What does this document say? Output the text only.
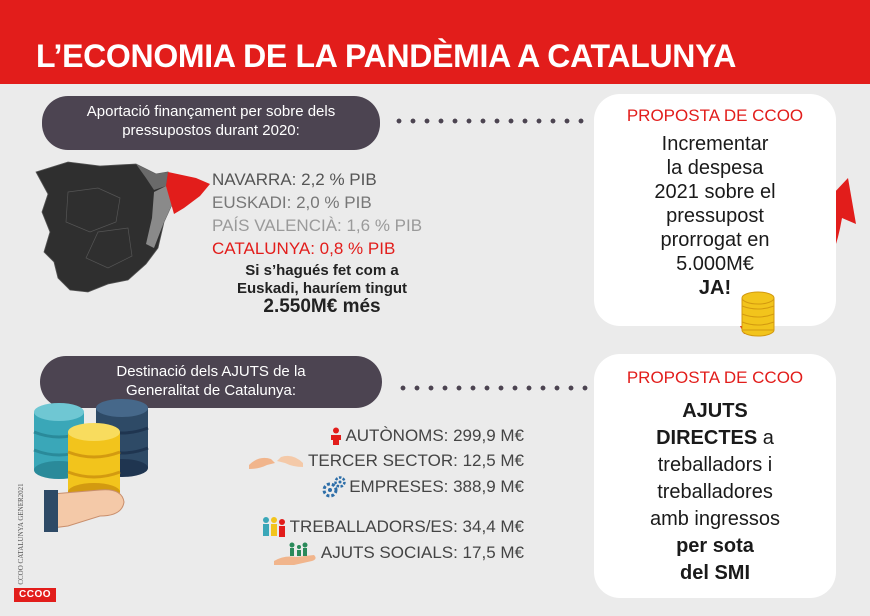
L’ECONOMIA DE LA PANDÈMIA A CATALUNYA
Aportació finançament per sobre dels
pressupostos durant 2020:
NAVARRA: 2,2 % PIB
EUSKADI: 2,0 % PIB
PAÍS VALENCIÀ: 1,6 % PIB
CATALUNYA: 0,8 % PIB
Si s’hagués fet com a
Euskadi, hauríem tingut
2.550M€ més
PROPOSTA DE CCOO
Incrementar
la despesa
2021 sobre el
pressupost
prorrogat en
5.000M€
JA!
Destinació dels AJUTS de la
Generalitat de Catalunya:
AUTÒNOMS: 299,9 M€
TERCER SECTOR: 12,5 M€
EMPRESES: 388,9 M€
TREBALLADORS/ES: 34,4 M€
AJUTS SOCIALS: 17,5 M€
PROPOSTA DE CCOO
AJUTS
DIRECTES a
treballadors i
treballadores
amb ingressos
per sota
del SMI
CCOO CATALUNYA GENER2021
CCOO
